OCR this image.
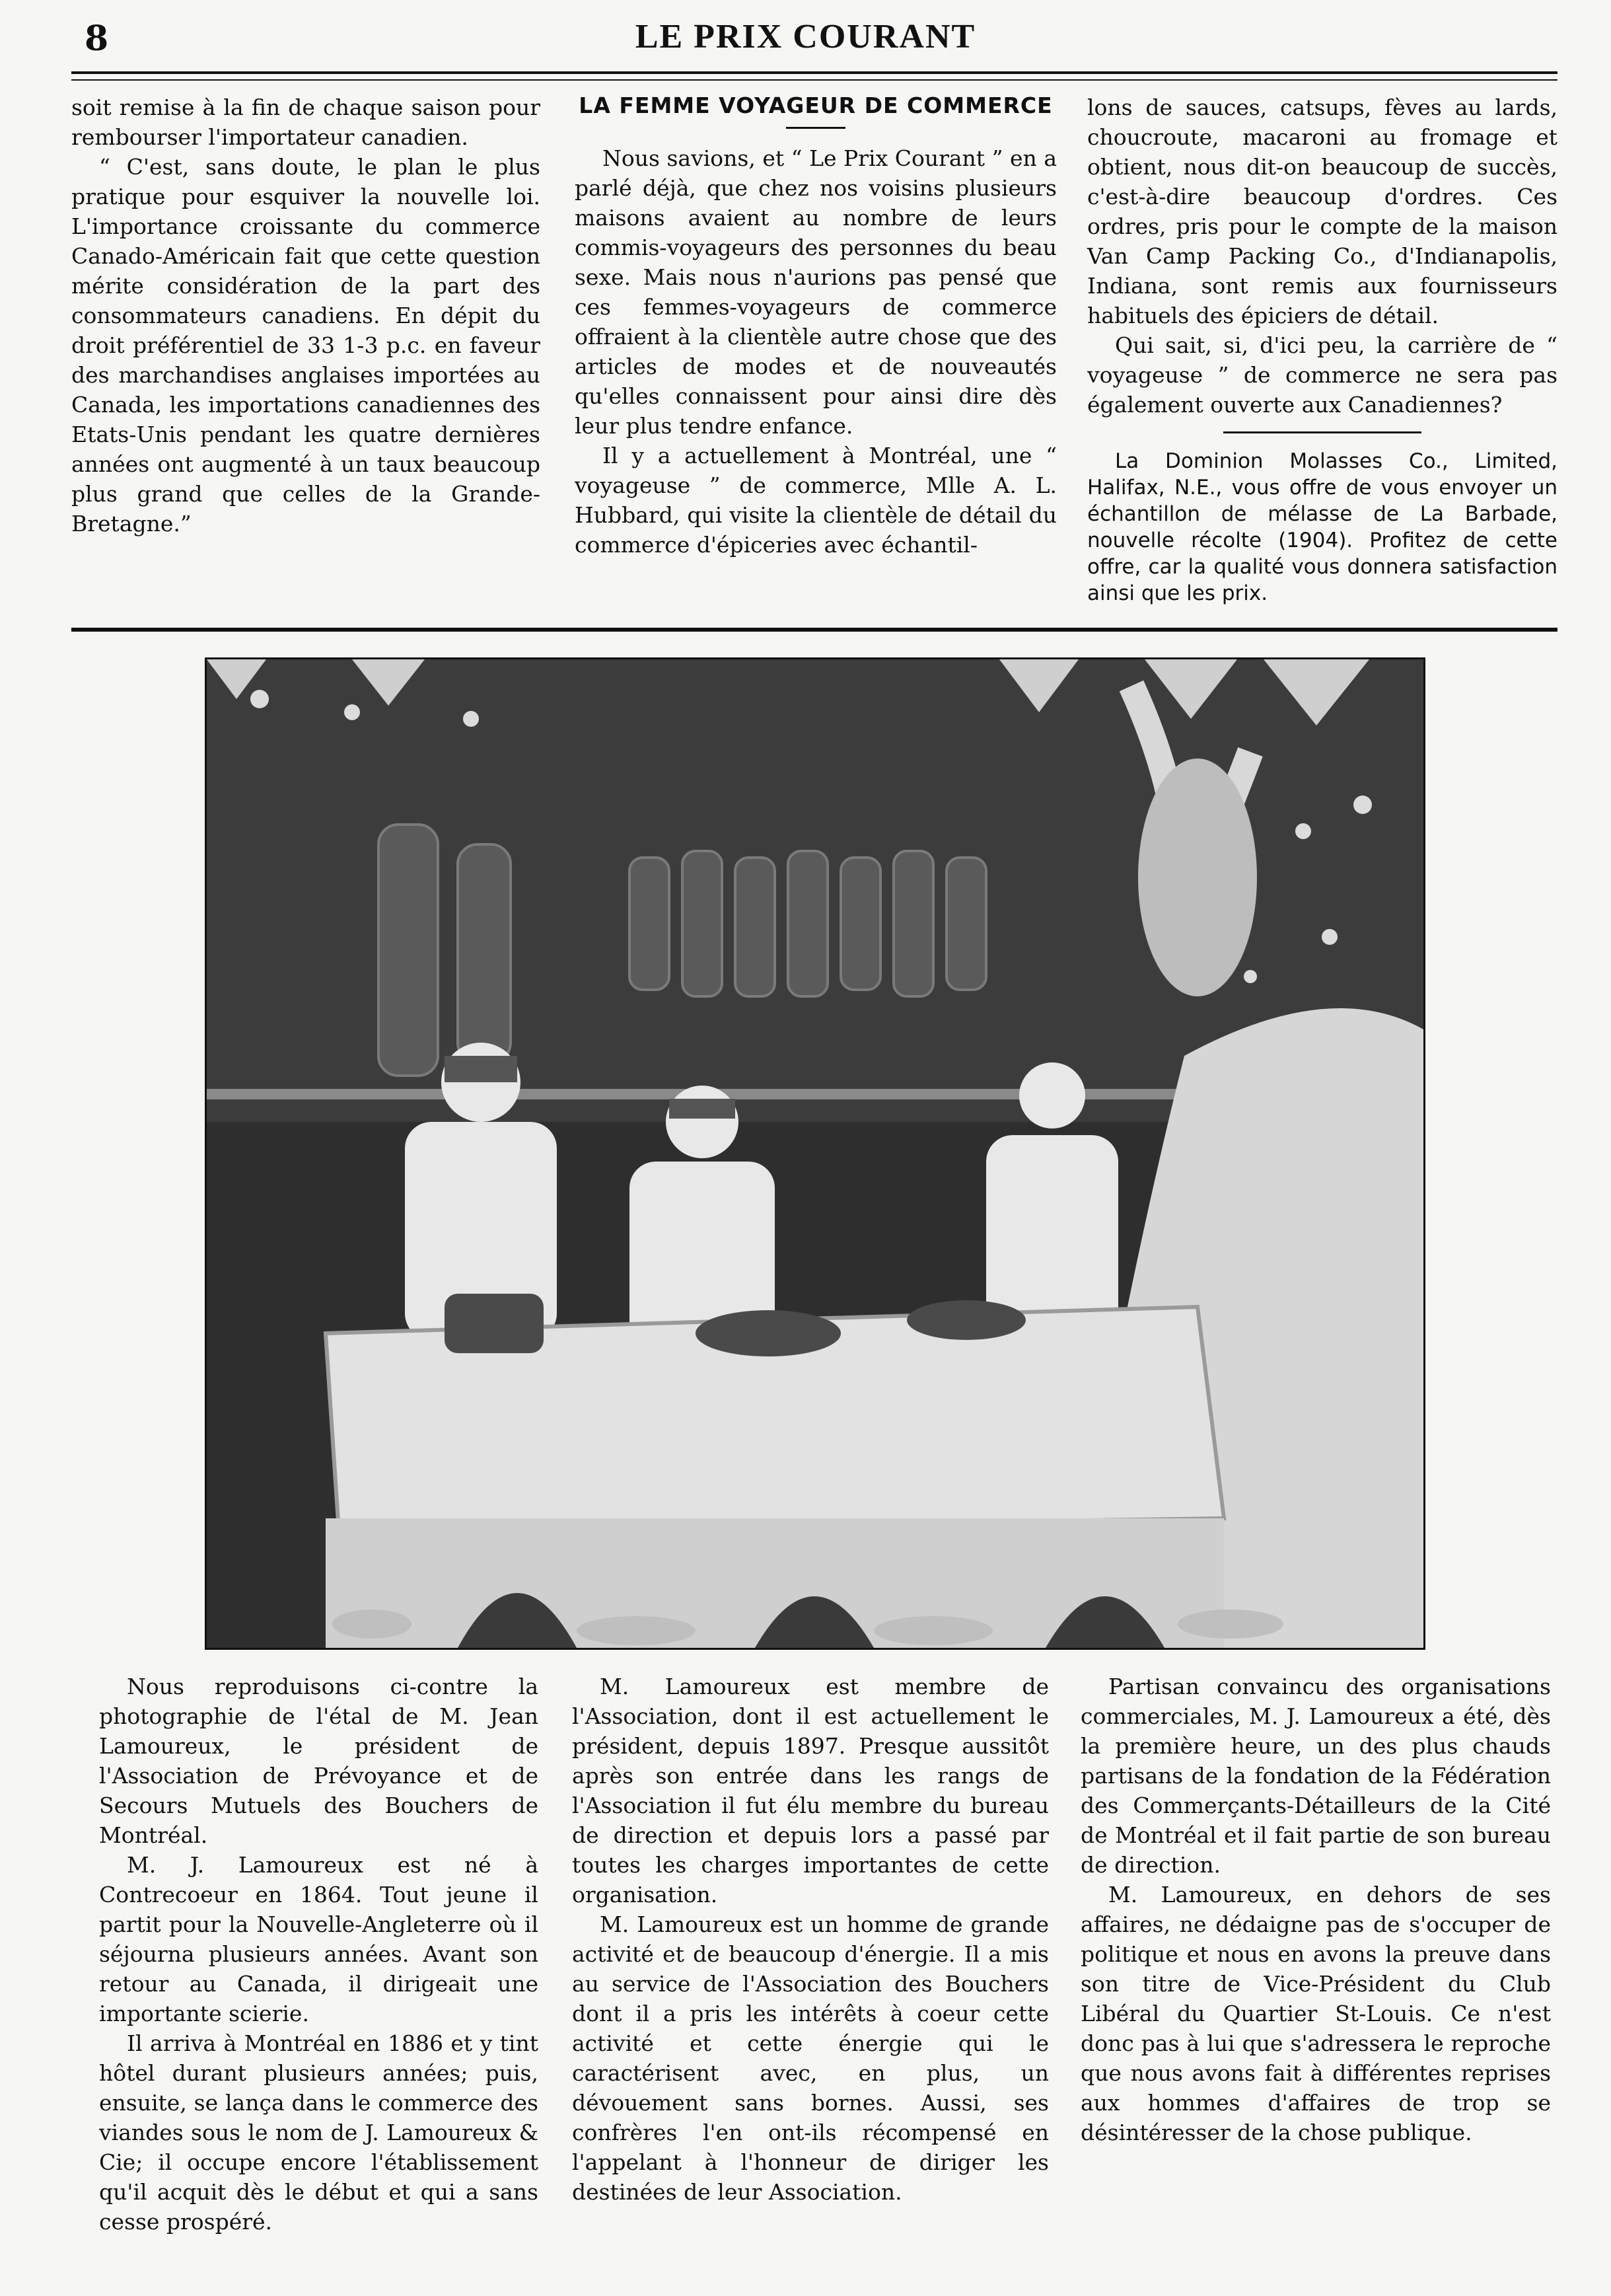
8	LE PRIX COURANT

soit remise à la fin de chaque saison pour rembourser l'importateur canadien.

“ C'est, sans doute, le plan le plus pratique pour esquiver la nouvelle loi. L'importance croissante du commerce Canado-Américain fait que cette question mérite considération de la part des consommateurs canadiens. En dépit du droit préférentiel de 33 1-3 p.c. en faveur des marchandises anglaises importées au Canada, les importations canadiennes des Etats-Unis pendant les quatre dernières années ont augmenté à un taux beaucoup plus grand que celles de la Grande-Bretagne.”

LA FEMME VOYAGEUR DE COMMERCE

Nous savions, et “ Le Prix Courant ” en a parlé déjà, que chez nos voisins plusieurs maisons avaient au nombre de leurs commis-voyageurs des personnes du beau sexe. Mais nous n'aurions pas pensé que ces femmes-voyageurs de commerce offraient à la clientèle autre chose que des articles de modes et de nouveautés qu'elles connaissent pour ainsi dire dès leur plus tendre enfance.

Il y a actuellement à Montréal, une “ voyageuse ” de commerce, Mlle A. L. Hubbard, qui visite la clientèle de détail du commerce d'épiceries avec échantil-

lons de sauces, catsups, fèves au lards, choucroute, macaroni au fromage et obtient, nous dit-on beaucoup de succès, c'est-à-dire beaucoup d'ordres. Ces ordres, pris pour le compte de la maison Van Camp Packing Co., d'Indianapolis, Indiana, sont remis aux fournisseurs habituels des épiciers de détail.

Qui sait, si, d'ici peu, la carrière de “ voyageuse ” de commerce ne sera pas également ouverte aux Canadiennes?

La Dominion Molasses Co., Limited, Halifax, N.E., vous offre de vous envoyer un échantillon de mélasse de La Barbade, nouvelle récolte (1904). Profitez de cette offre, car la qualité vous donnera satisfaction ainsi que les prix.

Nous reproduisons ci-contre la photographie de l'étal de M. Jean Lamoureux, le président de l'Association de Prévoyance et de Secours Mutuels des Bouchers de Montréal.

M. J. Lamoureux est né à Contrecoeur en 1864. Tout jeune il partit pour la Nouvelle-Angleterre où il séjourna plusieurs années. Avant son retour au Canada, il dirigeait une importante scierie.

Il arriva à Montréal en 1886 et y tint hôtel durant plusieurs années; puis, ensuite, se lança dans le commerce des viandes sous le nom de J. Lamoureux & Cie; il occupe encore l'établissement qu'il acquit dès le début et qui a sans cesse prospéré.

M. Lamoureux est membre de l'Association, dont il est actuellement le président, depuis 1897. Presque aussitôt après son entrée dans les rangs de l'Association il fut élu membre du bureau de direction et depuis lors a passé par toutes les charges importantes de cette organisation.

M. Lamoureux est un homme de grande activité et de beaucoup d'énergie. Il a mis au service de l'Association des Bouchers dont il a pris les intérêts à coeur cette activité et cette énergie qui le caractérisent avec, en plus, un dévouement sans bornes. Aussi, ses confrères l'en ont-ils récompensé en l'appelant à l'honneur de diriger les destinées de leur Association.

Partisan convaincu des organisations commerciales, M. J. Lamoureux a été, dès la première heure, un des plus chauds partisans de la fondation de la Fédération des Commerçants-Détailleurs de la Cité de Montréal et il fait partie de son bureau de direction.

M. Lamoureux, en dehors de ses affaires, ne dédaigne pas de s'occuper de politique et nous en avons la preuve dans son titre de Vice-Président du Club Libéral du Quartier St-Louis. Ce n'est donc pas à lui que s'adressera le reproche que nous avons fait à différentes reprises aux hommes d'affaires de trop se désintéresser de la chose publique.
